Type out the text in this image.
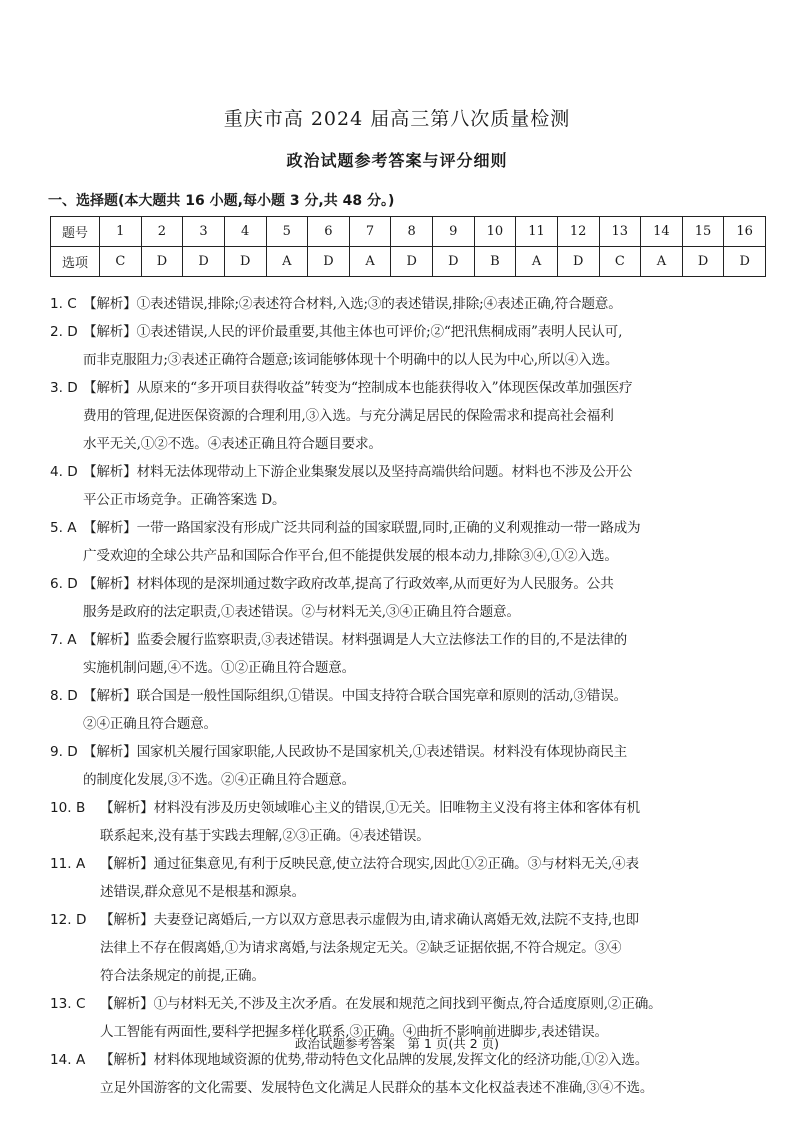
重庆市高 2024 届高三第八次质量检测
政治试题参考答案与评分细则
一、选择题(本大题共 16 小题,每小题 3 分,共 48 分。)
题号	1	2	3	4	5	6	7	8	9	10	11	12	13	14	15	16
选项	C	D	D	D	A	D	A	D	D	B	A	D	C	A	D	D
1. C 【解析】①表述错误,排除;②表述符合材料,入选;③的表述错误,排除;④表述正确,符合题意。
2. D 【解析】①表述错误,人民的评价最重要,其他主体也可评价;②“把汛焦桐成雨”表明人民认可,
而非克服阻力;③表述正确符合题意;该词能够体现十个明确中的以人民为中心,所以④入选。
3. D 【解析】从原来的“多开项目获得收益”转变为“控制成本也能获得收入”体现医保改革加强医疗
费用的管理,促进医保资源的合理利用,③入选。与充分满足居民的保险需求和提高社会福利
水平无关,①②不选。④表述正确且符合题目要求。
4. D 【解析】材料无法体现带动上下游企业集聚发展以及坚持高端供给问题。材料也不涉及公开公
平公正市场竞争。正确答案选 D。
5. A 【解析】一带一路国家没有形成广泛共同利益的国家联盟,同时,正确的义利观推动一带一路成为
广受欢迎的全球公共产品和国际合作平台,但不能提供发展的根本动力,排除③④,①②入选。
6. D 【解析】材料体现的是深圳通过数字政府改革,提高了行政效率,从而更好为人民服务。公共
服务是政府的法定职责,①表述错误。②与材料无关,③④正确且符合题意。
7. A 【解析】监委会履行监察职责,③表述错误。材料强调是人大立法修法工作的目的,不是法律的
实施机制问题,④不选。①②正确且符合题意。
8. D 【解析】联合国是一般性国际组织,①错误。中国支持符合联合国宪章和原则的活动,③错误。
②④正确且符合题意。
9. D 【解析】国家机关履行国家职能,人民政协不是国家机关,①表述错误。材料没有体现协商民主
的制度化发展,③不选。②④正确且符合题意。
10. B	【解析】材料没有涉及历史领域唯心主义的错误,①无关。旧唯物主义没有将主体和客体有机
联系起来,没有基于实践去理解,②③正确。④表述错误。
11. A	【解析】通过征集意见,有利于反映民意,使立法符合现实,因此①②正确。③与材料无关,④表
述错误,群众意见不是根基和源泉。
12. D 【解析】夫妻登记离婚后,一方以双方意思表示虚假为由,请求确认离婚无效,法院不支持,也即
法律上不存在假离婚,①为请求离婚,与法条规定无关。②缺乏证据依据,不符合规定。③④
符合法条规定的前提,正确。
13. C	【解析】①与材料无关,不涉及主次矛盾。在发展和规范之间找到平衡点,符合适度原则,②正确。
人工智能有两面性,要科学把握多样化联系,③正确。④曲折不影响前进脚步,表述错误。
14. A	【解析】材料体现地域资源的优势,带动特色文化品牌的发展,发挥文化的经济功能,①②入选。
立足外国游客的文化需要、发展特色文化满足人民群众的基本文化权益表述不准确,③④不选。
政治试题参考答案　第 1 页(共 2 页)
